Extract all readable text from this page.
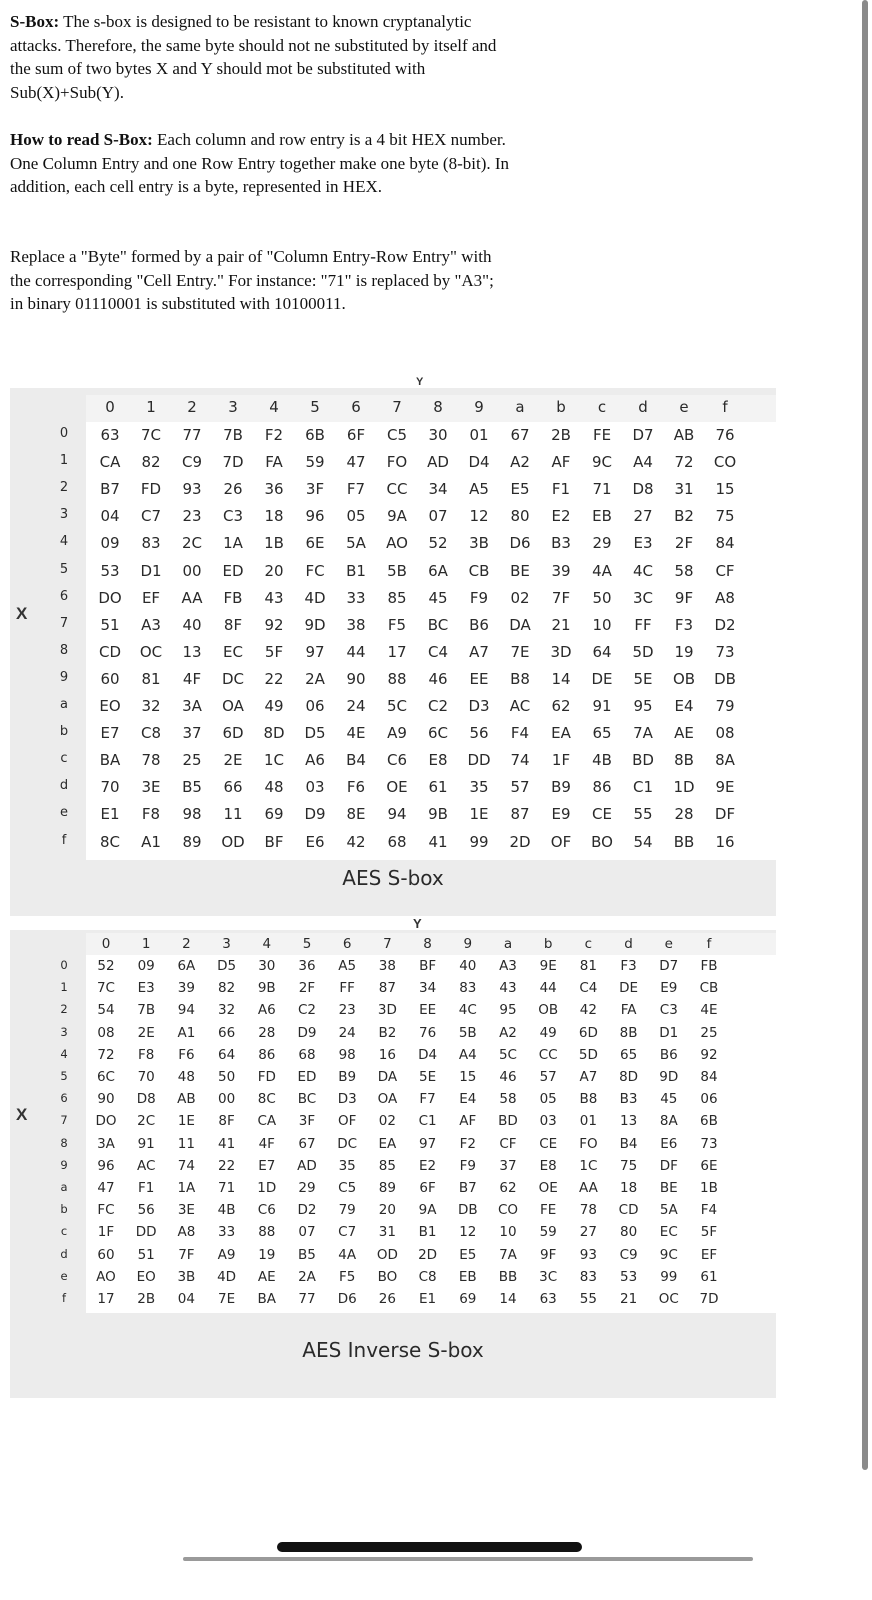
S-Box: The s-box is designed to be resistant to known cryptanalytic attacks. Therefore, the same byte should not ne substituted by itself and the sum of two bytes X and Y should mot be substituted with Sub(X)+Sub(Y).
How to read S-Box: Each column and row entry is a 4 bit HEX number. One Column Entry and one Row Entry together make one byte (8-bit). In addition, each cell entry is a byte, represented in HEX.
Replace a "Byte" formed by a pair of "Column Entry-Row Entry" with the corresponding "Cell Entry." For instance: "71" is replaced by "A3"; in binary 01110001 is substituted with 10100011.
Y
X
0	1	2	3	4	5	6	7	8	9	a	b	c	d	e	f
0	63	7C	77	7B	F2	6B	6F	C5	30	01	67	2B	FE	D7	AB	76
1	CA	82	C9	7D	FA	59	47	FO	AD	D4	A2	AF	9C	A4	72	CO
2	B7	FD	93	26	36	3F	F7	CC	34	A5	E5	F1	71	D8	31	15
3	04	C7	23	C3	18	96	05	9A	07	12	80	E2	EB	27	B2	75
4	09	83	2C	1A	1B	6E	5A	AO	52	3B	D6	B3	29	E3	2F	84
5	53	D1	00	ED	20	FC	B1	5B	6A	CB	BE	39	4A	4C	58	CF
6	DO	EF	AA	FB	43	4D	33	85	45	F9	02	7F	50	3C	9F	A8
7	51	A3	40	8F	92	9D	38	F5	BC	B6	DA	21	10	FF	F3	D2
8	CD	OC	13	EC	5F	97	44	17	C4	A7	7E	3D	64	5D	19	73
9	60	81	4F	DC	22	2A	90	88	46	EE	B8	14	DE	5E	OB	DB
a	EO	32	3A	OA	49	06	24	5C	C2	D3	AC	62	91	95	E4	79
b	E7	C8	37	6D	8D	D5	4E	A9	6C	56	F4	EA	65	7A	AE	08
c	BA	78	25	2E	1C	A6	B4	C6	E8	DD	74	1F	4B	BD	8B	8A
d	70	3E	B5	66	48	03	F6	OE	61	35	57	B9	86	C1	1D	9E
e	E1	F8	98	11	69	D9	8E	94	9B	1E	87	E9	CE	55	28	DF
f	8C	A1	89	OD	BF	E6	42	68	41	99	2D	OF	BO	54	BB	16
AES S-box
Y
X
0	1	2	3	4	5	6	7	8	9	a	b	c	d	e	f
0	52	09	6A	D5	30	36	A5	38	BF	40	A3	9E	81	F3	D7	FB
1	7C	E3	39	82	9B	2F	FF	87	34	83	43	44	C4	DE	E9	CB
2	54	7B	94	32	A6	C2	23	3D	EE	4C	95	OB	42	FA	C3	4E
3	08	2E	A1	66	28	D9	24	B2	76	5B	A2	49	6D	8B	D1	25
4	72	F8	F6	64	86	68	98	16	D4	A4	5C	CC	5D	65	B6	92
5	6C	70	48	50	FD	ED	B9	DA	5E	15	46	57	A7	8D	9D	84
6	90	D8	AB	00	8C	BC	D3	OA	F7	E4	58	05	B8	B3	45	06
7	DO	2C	1E	8F	CA	3F	OF	02	C1	AF	BD	03	01	13	8A	6B
8	3A	91	11	41	4F	67	DC	EA	97	F2	CF	CE	FO	B4	E6	73
9	96	AC	74	22	E7	AD	35	85	E2	F9	37	E8	1C	75	DF	6E
a	47	F1	1A	71	1D	29	C5	89	6F	B7	62	OE	AA	18	BE	1B
b	FC	56	3E	4B	C6	D2	79	20	9A	DB	CO	FE	78	CD	5A	F4
c	1F	DD	A8	33	88	07	C7	31	B1	12	10	59	27	80	EC	5F
d	60	51	7F	A9	19	B5	4A	OD	2D	E5	7A	9F	93	C9	9C	EF
e	AO	EO	3B	4D	AE	2A	F5	BO	C8	EB	BB	3C	83	53	99	61
f	17	2B	04	7E	BA	77	D6	26	E1	69	14	63	55	21	OC	7D
AES Inverse S-box
